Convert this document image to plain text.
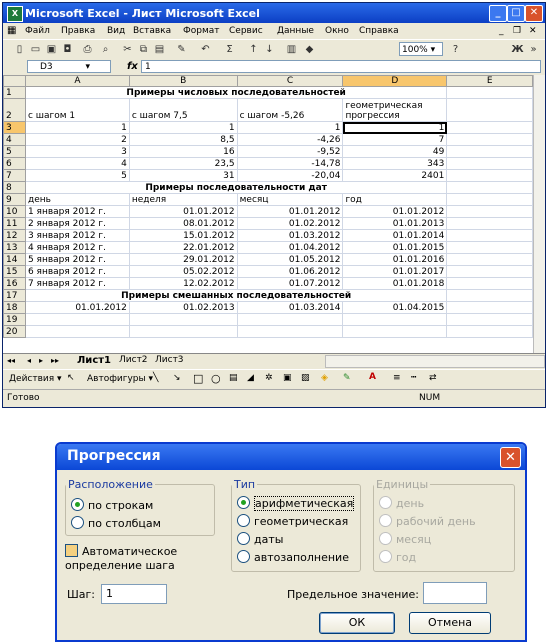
X Microsoft Excel - Лист Microsoft Excel	_	□ ✕
▦ Файл Правка Вид Вставка Формат Сервис Данные Окно Справка	_ ❐ ✕
▯ ▭ ▣ ◘ ⎙	⌕	✂ ⧉ ▤ ✎ ↶	Σ	↑ ↓ ▥ ◆	100% ▾	?	Ж »
D3	▾	fx 1
	A	B	C	D	E
1	Примеры числовых последовательностей				
2	с шагом 1	с шагом 7,5	с шагом -5,26	геометрическая прогрессия	
3	1	1	1	1	
4	2	8,5	-4,26	7	
5	3	16	-9,52	49	
6	4	23,5	-14,78	343	
7	5	31	-20,04	2401	
8	Примеры последовательности дат				
9	день	неделя	месяц	год	
10	1 января 2012 г.	01.01.2012	01.01.2012	01.01.2012	
11	2 января 2012 г.	08.01.2012	01.02.2012	01.01.2013	
12	3 января 2012 г.	15.01.2012	01.03.2012	01.01.2014	
13	4 января 2012 г.	22.01.2012	01.04.2012	01.01.2015	
14	5 января 2012 г.	29.01.2012	01.05.2012	01.01.2016	
15	6 января 2012 г.	05.02.2012	01.06.2012	01.01.2017	
16	7 января 2012 г.	12.02.2012	01.07.2012	01.01.2018	
17	Примеры смешанных последовательностей				
18	01.01.2012	01.02.2013	01.03.2014	01.04.2015	
19					
20					
◂◂ ◂ ▸ ▸▸ Лист1 Лист2 Лист3
Действия ▾ ↖ Автофигуры ▾ ╲ ↘ □ ○ ▤ ◢ ✲ ▣ ▨ ◈ ✎ A ≡ ┅ ⇄
Готово	NUM
Прогрессия	✕
Расположение
по строкам
по столбцам
Автоматическое определение шага
Тип
арифметическая
геометрическая
даты
автозаполнение
Единицы
день
рабочий день
месяц
год
Шаг:	1	Предельное значение:
ОК	Отмена
